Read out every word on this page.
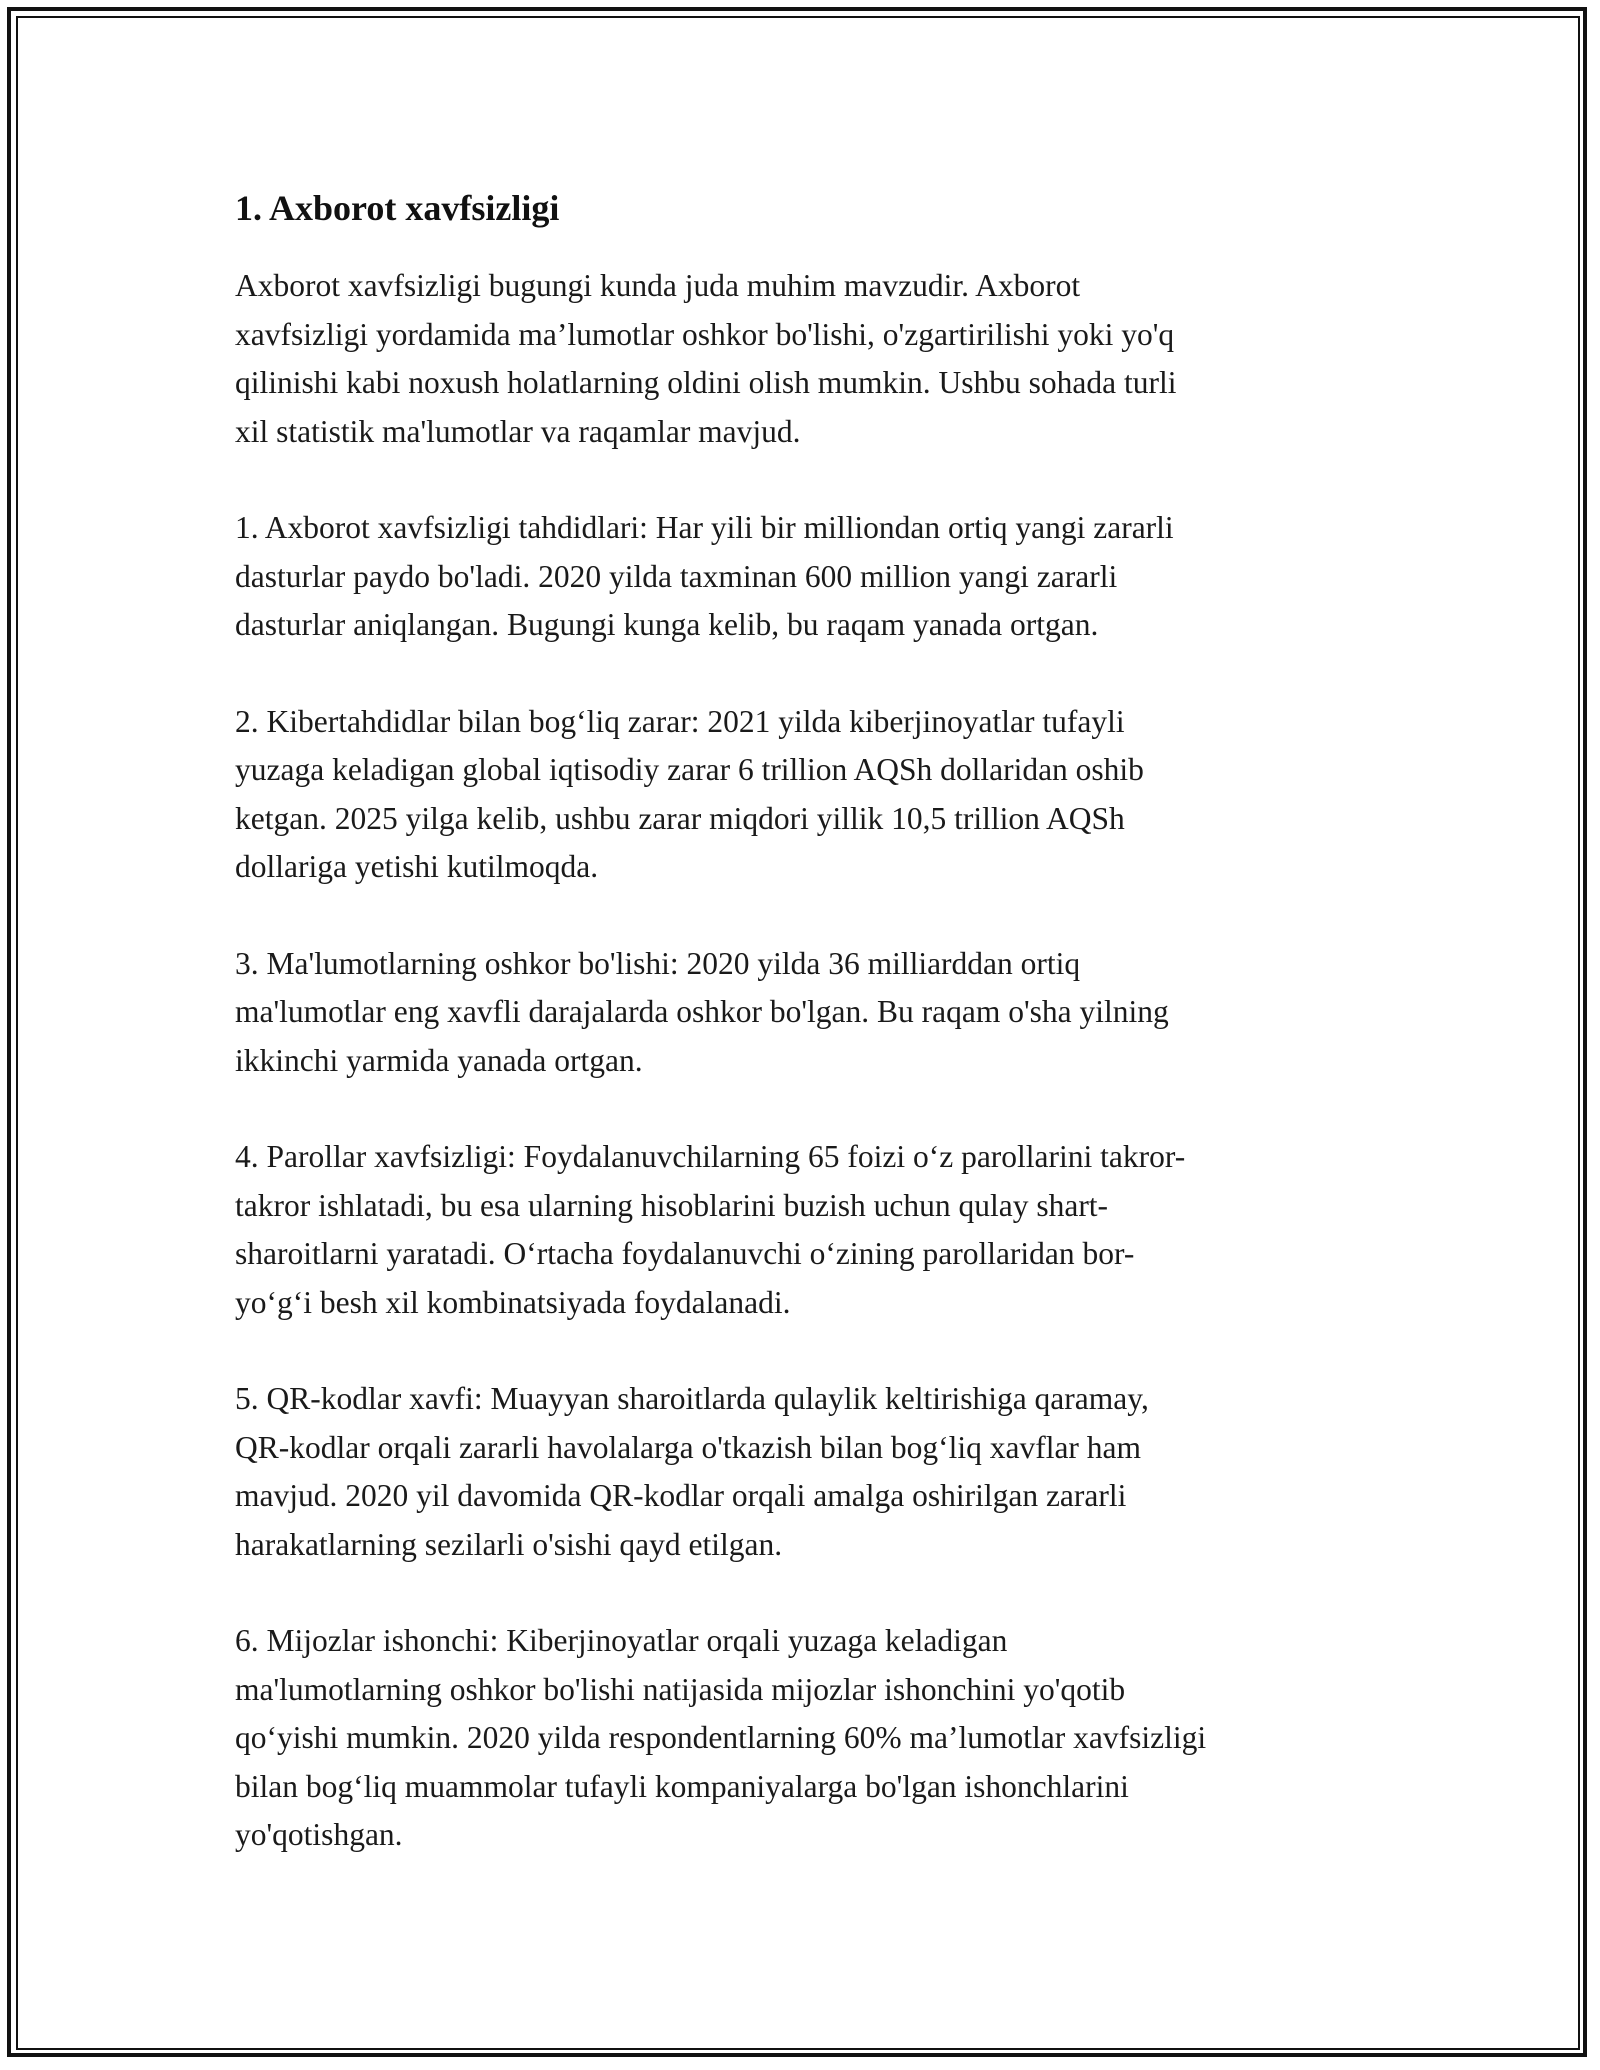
1. Axborot xavfsizligi

Axborot xavfsizligi bugungi kunda juda muhim mavzudir. Axborot
xavfsizligi yordamida ma’lumotlar oshkor bo'lishi, o'zgartirilishi yoki yo'q
qilinishi kabi noxush holatlarning oldini olish mumkin. Ushbu sohada turli
xil statistik ma'lumotlar va raqamlar mavjud.

1. Axborot xavfsizligi tahdidlari: Har yili bir milliondan ortiq yangi zararli
dasturlar paydo bo'ladi. 2020 yilda taxminan 600 million yangi zararli
dasturlar aniqlangan. Bugungi kunga kelib, bu raqam yanada ortgan.

2. Kibertahdidlar bilan bog‘liq zarar: 2021 yilda kiberjinoyatlar tufayli
yuzaga keladigan global iqtisodiy zarar 6 trillion AQSh dollaridan oshib
ketgan. 2025 yilga kelib, ushbu zarar miqdori yillik 10,5 trillion AQSh
dollariga yetishi kutilmoqda.

3. Ma'lumotlarning oshkor bo'lishi: 2020 yilda 36 milliarddan ortiq
ma'lumotlar eng xavfli darajalarda oshkor bo'lgan. Bu raqam o'sha yilning
ikkinchi yarmida yanada ortgan.

4. Parollar xavfsizligi: Foydalanuvchilarning 65 foizi o‘z parollarini takror-
takror ishlatadi, bu esa ularning hisoblarini buzish uchun qulay shart-
sharoitlarni yaratadi. O‘rtacha foydalanuvchi o‘zining parollaridan bor-
yo‘g‘i besh xil kombinatsiyada foydalanadi.

5. QR-kodlar xavfi: Muayyan sharoitlarda qulaylik keltirishiga qaramay,
QR-kodlar orqali zararli havolalarga o'tkazish bilan bog‘liq xavflar ham
mavjud. 2020 yil davomida QR-kodlar orqali amalga oshirilgan zararli
harakatlarning sezilarli o'sishi qayd etilgan.

6. Mijozlar ishonchi: Kiberjinoyatlar orqali yuzaga keladigan
ma'lumotlarning oshkor bo'lishi natijasida mijozlar ishonchini yo'qotib
qo‘yishi mumkin. 2020 yilda respondentlarning 60% ma’lumotlar xavfsizligi
bilan bog‘liq muammolar tufayli kompaniyalarga bo'lgan ishonchlarini
yo'qotishgan.
